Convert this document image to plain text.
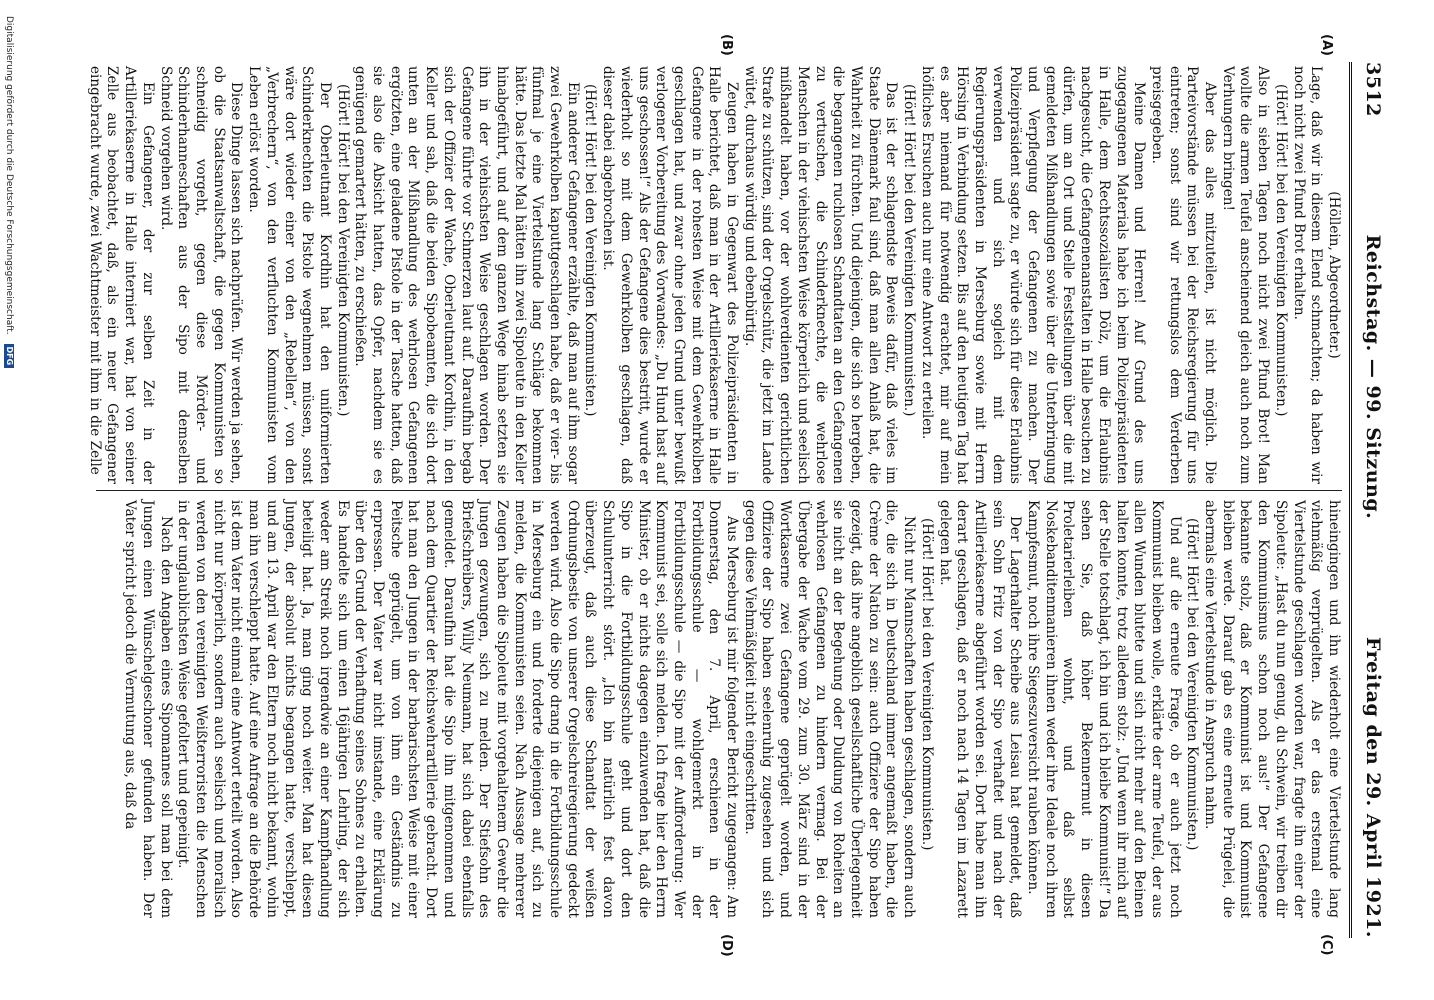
3512
Reichstag. — 99. Sitzung.
Freitag den 29. April 1921.
(A)
(B)
(C)
(D)

(Höllein, Abgeordneter.)

Lage, daß wir in diesem Elend schmachten; da haben wir noch nicht zwei Pfund Brot erhalten.

(Hört! Hört! bei den Vereinigten Kommunisten.)

Also in sieben Tagen noch nicht zwei Pfund Brot! Man wollte die armen Teufel anscheinend gleich auch noch zum Verhungern bringen!

Aber das alles mitzuteilen, ist nicht möglich. Die Parteivorstände müssen bei der Reichsregierung für uns eintreten; sonst sind wir rettungslos dem Verderben preisgegeben.

Meine Damen und Herren! Auf Grund des uns zugegangenen Materials habe ich beim Polizeipräsidenten in Halle, dem Rechtssozialisten Dölz, um die Erlaubnis nachgesucht, die Gefangenenanstalten in Halle besuchen zu dürfen, um an Ort und Stelle Feststellungen über die mit gemeldeten Mißhandlungen sowie über die Unterbringung und Verpflegung der Gefangenen zu machen. Der Polizeipräsident sagte zu, er würde sich für diese Erlaubnis verwenden und sich sogleich mit dem Regierungspräsidenten in Merseburg sowie mit Herrn Hörsing in Verbindung setzen. Bis auf den heutigen Tag hat es aber niemand für notwendig erachtet, mir auf mein höfliches Ersuchen auch nur eine Antwort zu erteilen.

(Hört! Hört! bei den Vereinigten Kommunisten.)

Das ist der schlagendste Beweis dafür, daß vieles im Staate Dänemark faul sind, daß man allen Anlaß hat, die Wahrheit zu fürchten. Und diejenigen, die sich so hergeben, die begangenen ruchlosen Schandtaten an den Gefangenen zu vertuschen, die Schinderknechte, die wehrlose Menschen in der viehischsten Weise körperlich und seelisch mißhandelt haben, vor der wohlverdienten gerichtlichen Strafe zu schützen, sind der Orgelschütz, die jetzt im Lande wütet, durchaus würdig und ebenbürtig.

Zeugen haben in Gegenwart des Polizeipräsidenten in Halle berichtet, daß man in der Artilleriekaserne in Halle Gefangene in der rohesten Weise mit dem Gewehrkolben geschlagen hat, und zwar ohne jeden Grund unter bewußt verlogener Vorbereitung des Vorwandes: „Du Hund hast auf uns geschossen!“ Als der Gefangene dies bestritt, wurde er wiederholt so mit dem Gewehrkolben geschlagen, daß dieser dabei abgebrochen ist.

(Hört! Hört! bei den Vereinigten Kommunisten.)

Ein anderer Gefangener erzählte, daß man auf ihm sogar zwei Gewehrkolben kaputtgeschlagen habe, daß er vier- bis fünfmal je eine Viertelstunde lang Schläge bekommen hätte. Das letzte Mal hätten ihn zwei Sipoleute in den Keller hinabgeführt, und auf dem ganzen Wege hinab setzten sie ihn in der viehischsten Weise geschlagen worden. Der Gefangene führte vor Schmerzen laut auf. Daraufhin begab sich der Offizier der Wache, Oberleutnant Kordhin, in den Keller und sah, daß die beiden Sipobeamten, die sich dort unten an der Mißhandlung des wehrlosen Gefangenen ergötzten, eine geladene Pistole in der Tasche hatten, daß sie also die Absicht hatten, das Opfer, nachdem sie es genügend gemartert hätten, zu erschießen.

(Hört! Hört! bei den Vereinigten Kommunisten.)

Der Oberleutnant Kordhin hat den uniformierten Schinderknechten die Pistole wegnehmen müssen, sonst wäre dort wieder einer von den „Rebellen“, von den „Verbrechern“, von den verfluchten Kommunisten vom Leben erlöst worden.

Diese Dinge lassen sich nachprüfen. Wir werden ja sehen, ob die Staatsanwaltschaft, die gegen Kommunisten so schneidig vorgeht, gegen diese Mörder- und Schinderhanneschaften aus der Sipo mit demselben Schneid vorgehen wird.

Ein Gefangener, der zur selben Zeit in der Artilleriekaserne in Halle interniert war, hat von seiner Zelle aus beobachtet, daß, als ein neuer Gefangener eingebracht wurde, zwei Wachtmeister mit ihm in die Zelle

hineingingen und ihn wiederholt eine Viertelstunde lang viehmäßig verprügelten. Als er das erstemal eine Viertelstunde geschlagen worden war, fragte ihn einer der Sipoleute: „Hast du nun genug, du Schwein, wir treiben dir den Kommunismus schon noch aus!“ Der Gefangene bekannte stolz, daß er Kommunist ist und Kommunist bleiben werde. Darauf gab es eine erneute Prügelei, die abermals eine Viertelstunde in Anspruch nahm.

(Hört! Hört! bei den Vereinigten Kommunisten.)

Und auf die erneute Frage, ob er auch jetzt noch Kommunist bleiben wolle, erklärte der arme Teufel, der aus allen Wunden blutete und sich nicht mehr auf den Beinen halten konnte, trotz alledem stolz: „Und wenn ihr mich auf der Stelle totschlagt, ich bin und ich bleibe Kommunist!“ Da sehen Sie, daß höher Bekennermut in diesen Proletarierleiben wohnt, und daß selbst Noskebanditenmanieren ihnen weder ihre Ideale noch ihren Kampfesmut, noch ihre Siegeszuversicht rauben können.

Der Lagerhalter Scheibe aus Leisau hat gemeldet, daß sein Sohn Fritz von der Sipo verhaftet und nach der Artilleriekaserne abgeführt worden sei. Dort habe man ihn derart geschlagen, daß er noch nach 14 Tagen im Lazarett gelegen hat.

(Hört! Hört! bei den Vereinigten Kommunisten.)

Nicht nur Mannschaften haben geschlagen, sondern auch die, die sich in Deutschland immer angemaßt haben, die Crème der Nation zu sein: auch Offiziere der Sipo haben gezeigt, daß ihre angeblich gesellschaftliche Überlegenheit sie nicht an der Begehung oder Duldung von Roheiten an wehrlosen Gefangenen zu hindern vermag. Bei der Übergabe der Wache vom 29. zum 30. März sind in der Wortkaserne zwei Gefangene geprügelt worden, und Offiziere der Sipo haben seelenruhig zugesehen und sich gegen diese Viehmäßigkeit nicht eingeschritten.

Aus Merseburg ist mir folgender Bericht zugegangen: Am Donnerstag, den 7. April, erschienen in der Fortbildungsschule — wohlgemerkt in der Fortbildungsschule — die Sipo mit der Aufforderung: Wer Kommunist sei, solle sich melden. Ich frage hier den Herrn Minister, ob er nichts dagegen einzuwenden hat, daß die Sipo in die Fortbildungsschule geht und dort den Schulunterricht stört. „Ich bin natürlich fest davon überzeugt, daß auch diese Schandtat der weißen Ordnungsbestie von unserer Orgelschreiregierung gedeckt werden wird. Also die Sipo drang in die Fortbildungsschule in Merseburg ein und forderte diejenigen auf, sich zu melden, die Kommunisten seien. Nach Aussage mehrerer Zeugen haben die Sipoleute mit vorgehaltenem Gewehr die Jungen gezwungen, sich zu melden. Der Stiefsohn des Briefschreibers, Willy Neumann, hat sich dabei ebenfalls gemeldet. Daraufhin hat die Sipo ihn mitgenommen und nach dem Quartier der Reichswehrartillerie gebracht. Dort hat man den Jungen in der barbarischsten Weise mit einer Peitsche geprügelt, um von ihm ein Geständnis zu erpressen. Der Vater war nicht imstande, eine Erklärung über den Grund der Verhaftung seines Sohnes zu erhalten. Es handelte sich um einen 16jährigen Lehrling, der sich weder am Streik noch irgendwie an einer Kampfhandlung beteiligt hat. Ja, man ging noch weiter. Man hat diesen Jungen, der absolut nichts begangen hatte, verschleppt, und am 13. April war den Eltern noch nicht bekannt, wohin man ihn verschleppt hatte. Auf eine Anfrage an die Behörde ist dem Vater nicht einmal eine Antwort erteilt worden. Also nicht nur körperlich, sondern auch seelisch und moralisch werden von den vereinigten Weißterroristen die Menschen in der unglaublichsten Weise gefoltert und gepeinigt.

Nach den Angaben eines Sipomannes soll man bei dem Jungen einen Wünschelgeschoner gefunden haben. Der Vater spricht jedoch die Vermutung aus, daß da

Digitalisierung gefördert durch die Deutsche Forschungsgemeinschaft. DFG
